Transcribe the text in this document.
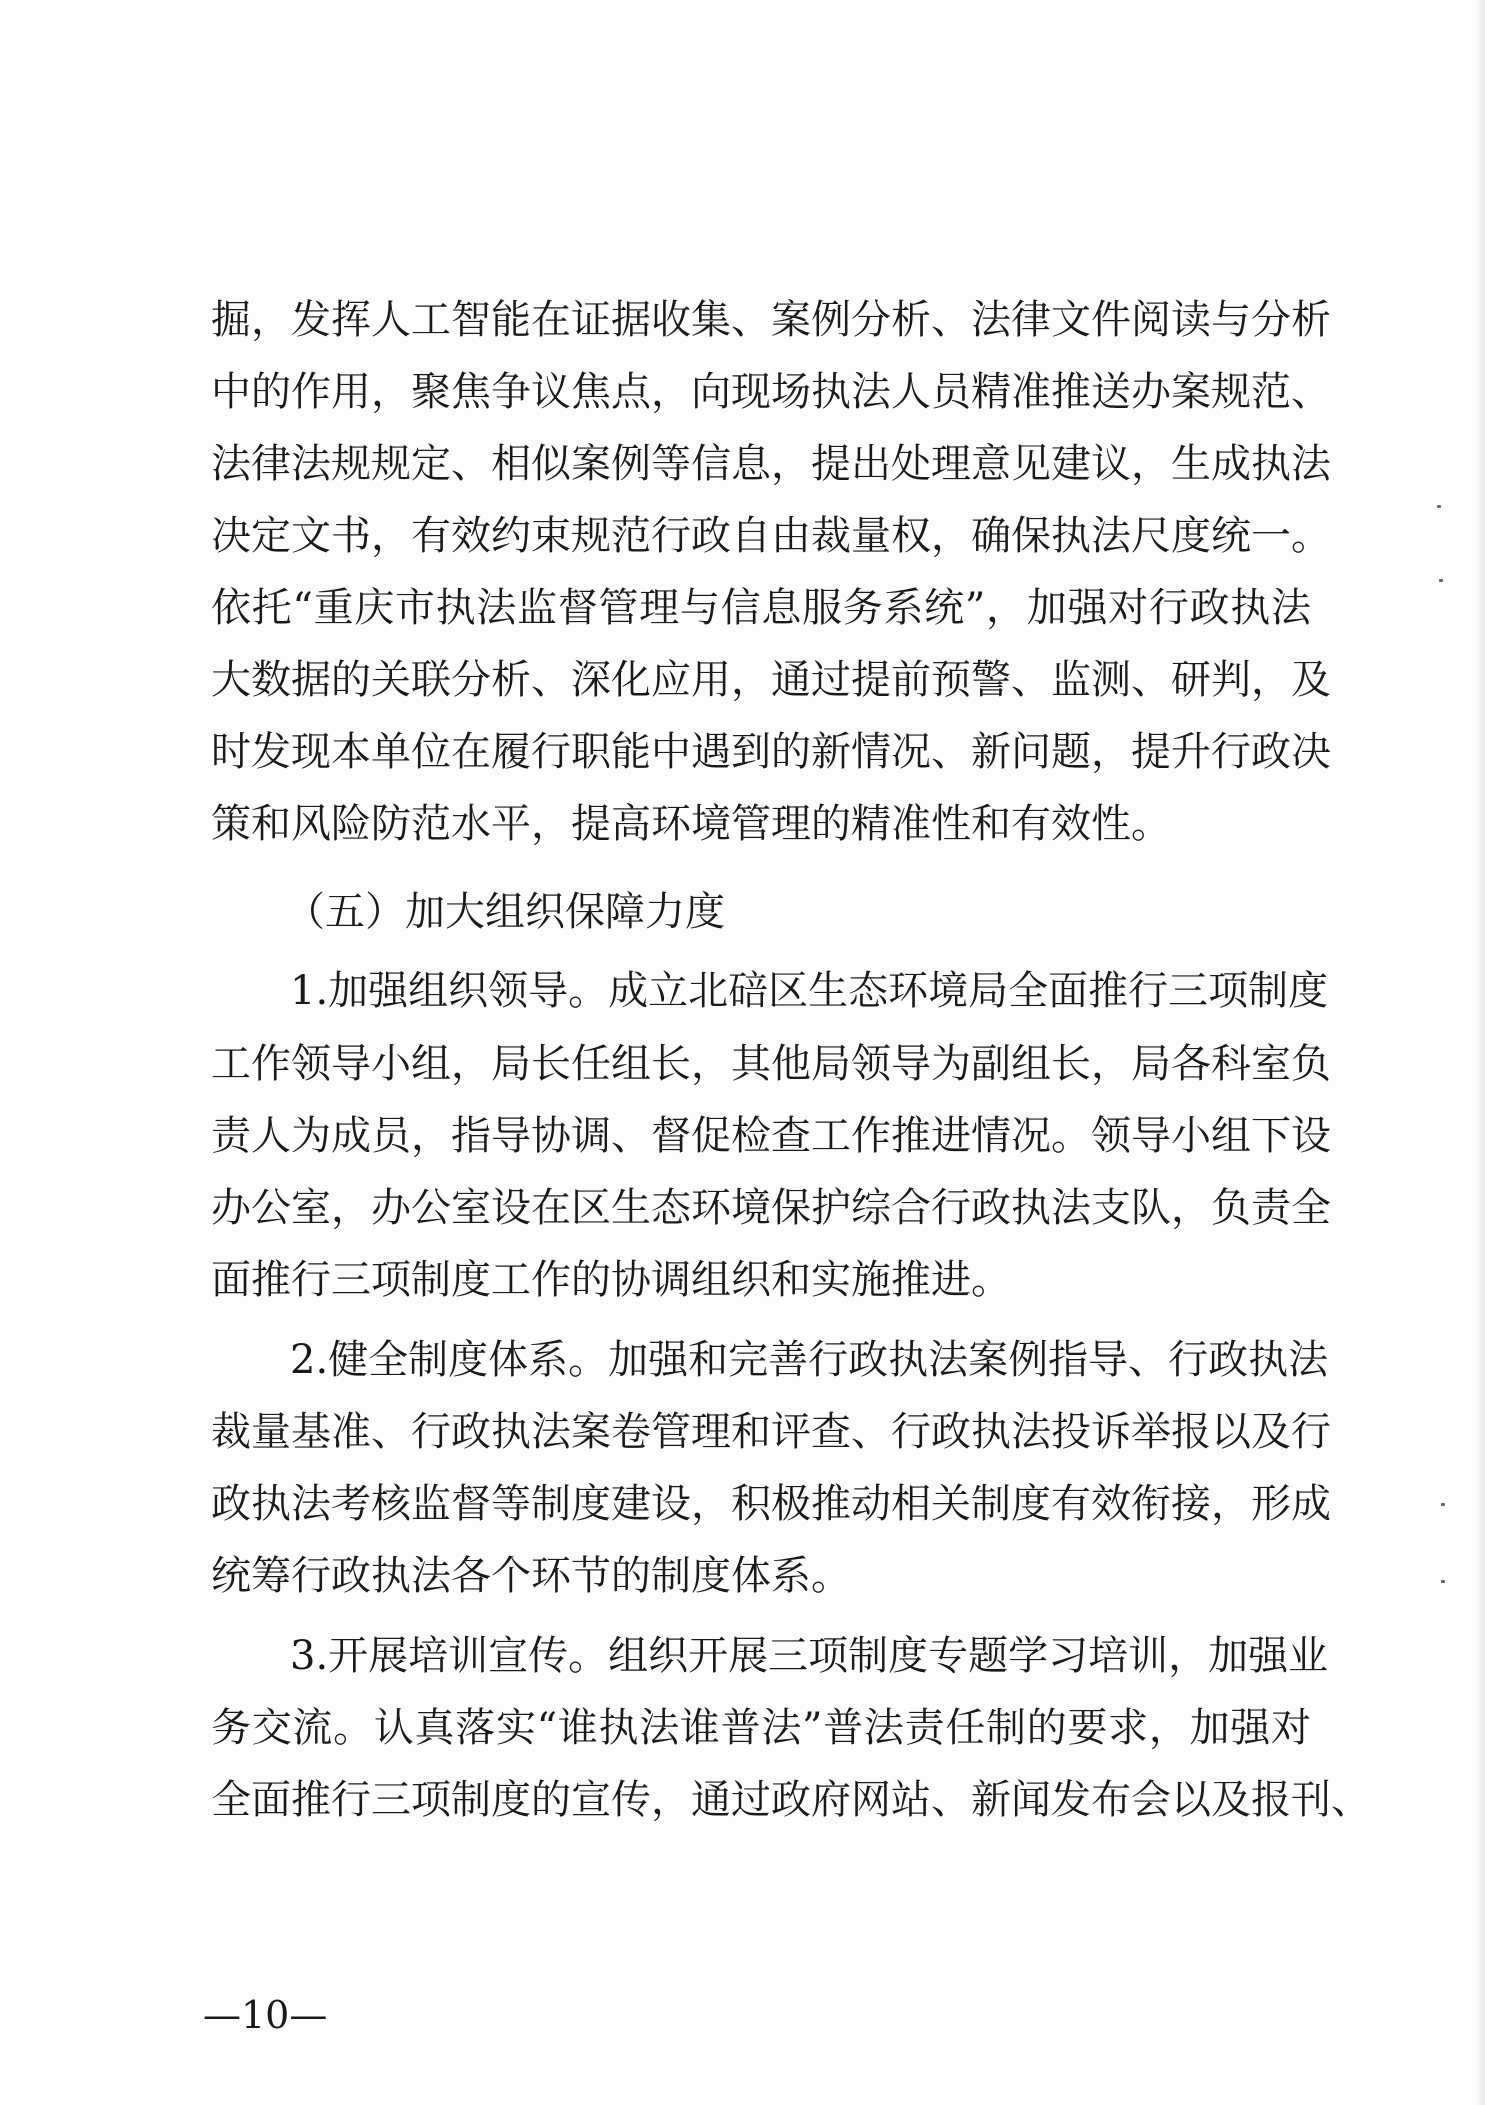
掘，发挥人工智能在证据收集、案例分析、法律文件阅读与分析
中的作用，聚焦争议焦点，向现场执法人员精准推送办案规范、
法律法规规定、相似案例等信息，提出处理意见建议，生成执法
决定文书，有效约束规范行政自由裁量权，确保执法尺度统一。
依托“重庆市执法监督管理与信息服务系统”，加强对行政执法
大数据的关联分析、深化应用，通过提前预警、监测、研判，及
时发现本单位在履行职能中遇到的新情况、新问题，提升行政决
策和风险防范水平，提高环境管理的精准性和有效性。
（五）加大组织保障力度
1.加强组织领导。成立北碚区生态环境局全面推行三项制度
工作领导小组，局长任组长，其他局领导为副组长，局各科室负
责人为成员，指导协调、督促检查工作推进情况。领导小组下设
办公室，办公室设在区生态环境保护综合行政执法支队，负责全
面推行三项制度工作的协调组织和实施推进。
2.健全制度体系。加强和完善行政执法案例指导、行政执法
裁量基准、行政执法案卷管理和评查、行政执法投诉举报以及行
政执法考核监督等制度建设，积极推动相关制度有效衔接，形成
统筹行政执法各个环节的制度体系。
3.开展培训宣传。组织开展三项制度专题学习培训，加强业
务交流。认真落实“谁执法谁普法”普法责任制的要求，加强对
全面推行三项制度的宣传，通过政府网站、新闻发布会以及报刊、
—10—
